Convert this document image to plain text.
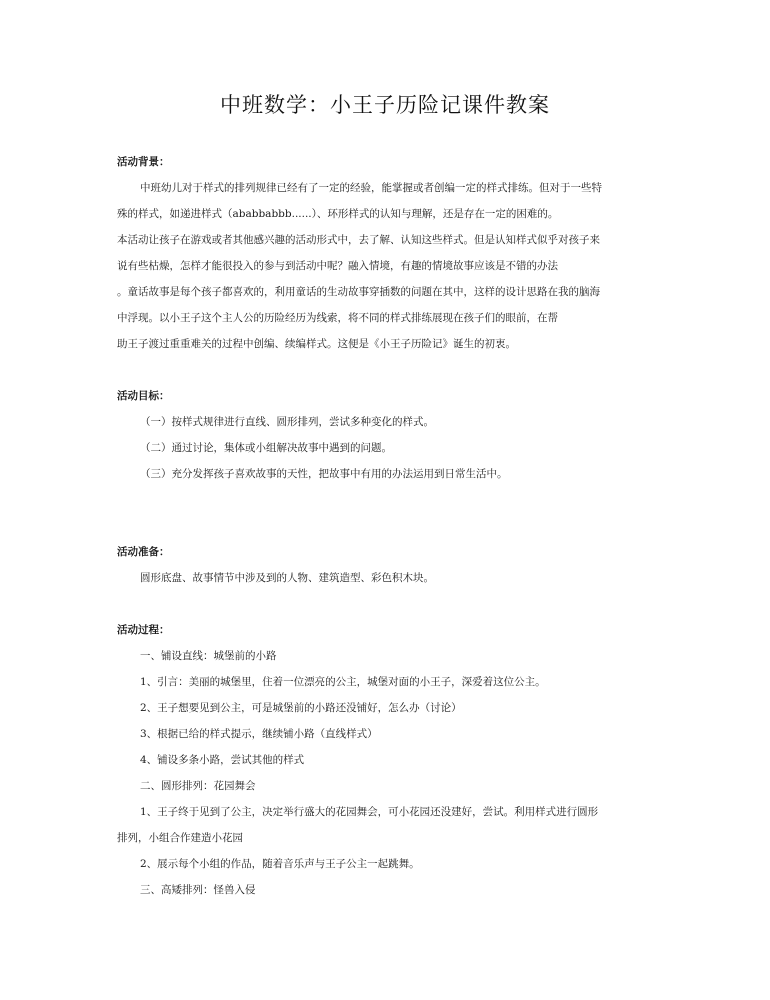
中班数学：小王子历险记课件教案
活动背景：
中班幼儿对于样式的排列规律已经有了一定的经验，能掌握或者创编一定的样式排练。但对于一些特
殊的样式，如递进样式（ababbabbb......）、环形样式的认知与理解，还是存在一定的困难的。
本活动让孩子在游戏或者其他感兴趣的活动形式中，去了解、认知这些样式。但是认知样式似乎对孩子来
说有些枯燥，怎样才能很投入的参与到活动中呢？融入情境，有趣的情境故事应该是不错的办法
。童话故事是每个孩子都喜欢的，利用童话的生动故事穿插数的问题在其中，这样的设计思路在我的脑海
中浮现。以小王子这个主人公的历险经历为线索，将不同的样式排练展现在孩子们的眼前，在帮
助王子渡过重重难关的过程中创编、续编样式。这便是《小王子历险记》诞生的初衷。
活动目标：
（一）按样式规律进行直线、圆形排列，尝试多种变化的样式。
（二）通过讨论，集体或小组解决故事中遇到的问题。
（三）充分发挥孩子喜欢故事的天性，把故事中有用的办法运用到日常生活中。
活动准备：
圆形底盘、故事情节中涉及到的人物、建筑造型、彩色积木块。
活动过程：
一、铺设直线：城堡前的小路
1、引言：美丽的城堡里，住着一位漂亮的公主，城堡对面的小王子，深爱着这位公主。
2、王子想要见到公主，可是城堡前的小路还没铺好，怎么办（讨论）
3、根据已给的样式提示，继续铺小路（直线样式）
4、铺设多条小路，尝试其他的样式
二、圆形排列：花园舞会
1、王子终于见到了公主，决定举行盛大的花园舞会，可小花园还没建好，尝试。利用样式进行圆形
排列，小组合作建造小花园
2、展示每个小组的作品，随着音乐声与王子公主一起跳舞。
三、高矮排列：怪兽入侵
